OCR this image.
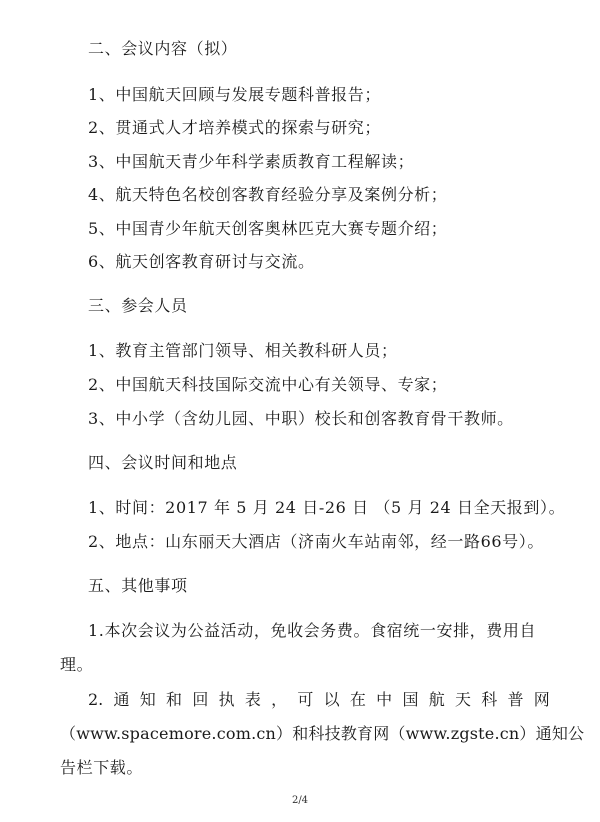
二、会议内容（拟）
1、中国航天回顾与发展专题科普报告；
2、贯通式人才培养模式的探索与研究；
3、中国航天青少年科学素质教育工程解读；
4、航天特色名校创客教育经验分享及案例分析；
5、中国青少年航天创客奥林匹克大赛专题介绍；
6、航天创客教育研讨与交流。
三、参会人员
1、教育主管部门领导、相关教科研人员；
2、中国航天科技国际交流中心有关领导、专家；
3、中小学（含幼儿园、中职）校长和创客教育骨干教师。
四、会议时间和地点
1、时间：2017 年 5 月 24 日-26 日 （5 月 24 日全天报到）。
2、地点：山东丽天大酒店（济南火车站南邻，经一路66号）。
五、其他事项
1.本次会议为公益活动，免收会务费。食宿统一安排，费用自
理。
2. 通 知 和 回 执 表 ， 可 以 在 中 国 航 天 科 普 网
（www.spacemore.com.cn）和科技教育网（www.zgste.cn）通知公
告栏下载。
2/4
